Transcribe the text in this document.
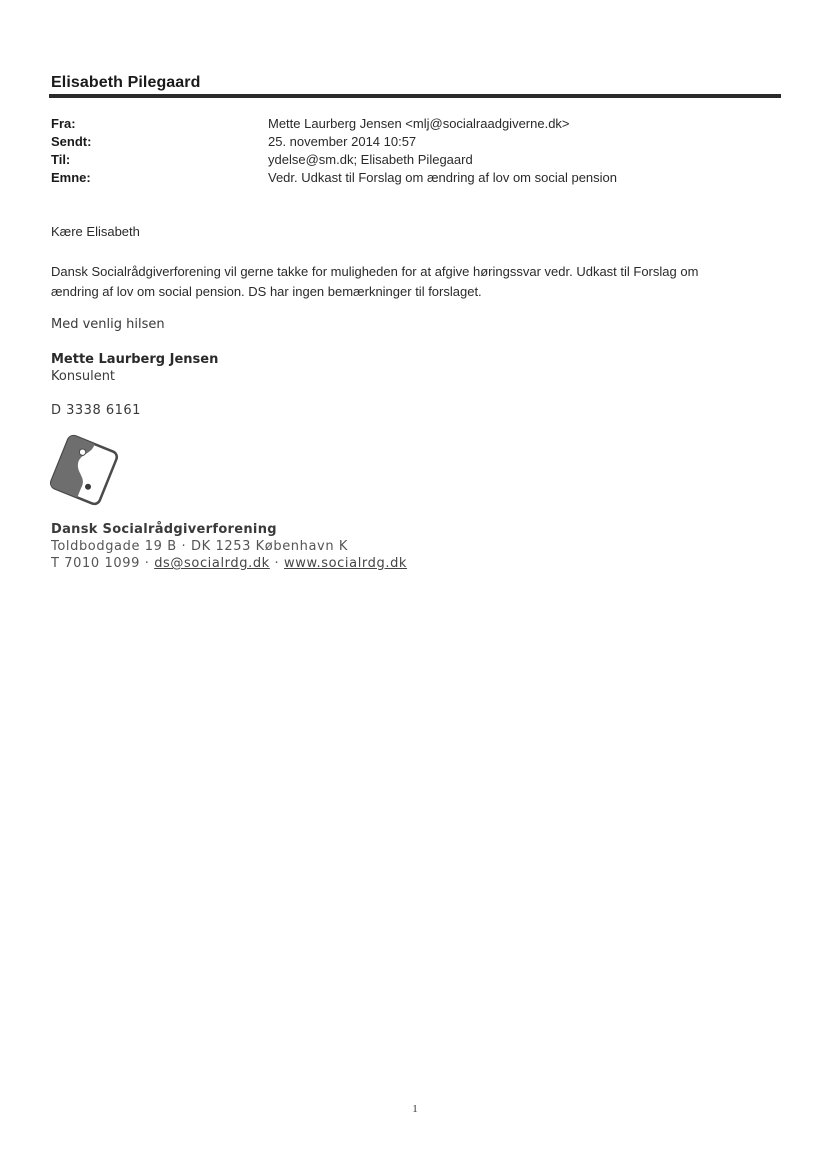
Elisabeth Pilegaard
Fra:	Mette Laurberg Jensen <mlj@socialraadgiverne.dk>
Sendt:	25. november 2014 10:57
Til:	ydelse@sm.dk; Elisabeth Pilegaard
Emne:	Vedr. Udkast til Forslag om ændring af lov om social pension
Kære Elisabeth
Dansk Socialrådgiverforening vil gerne takke for muligheden for at afgive høringssvar vedr. Udkast til Forslag om
ændring af lov om social pension. DS har ingen bemærkninger til forslaget.
Med venlig hilsen
Mette Laurberg Jensen
Konsulent
D 3338 6161
Dansk Socialrådgiverforening
Toldbodgade 19 B · DK 1253 København K
T 7010 1099 · ds@socialrdg.dk · www.socialrdg.dk
1
